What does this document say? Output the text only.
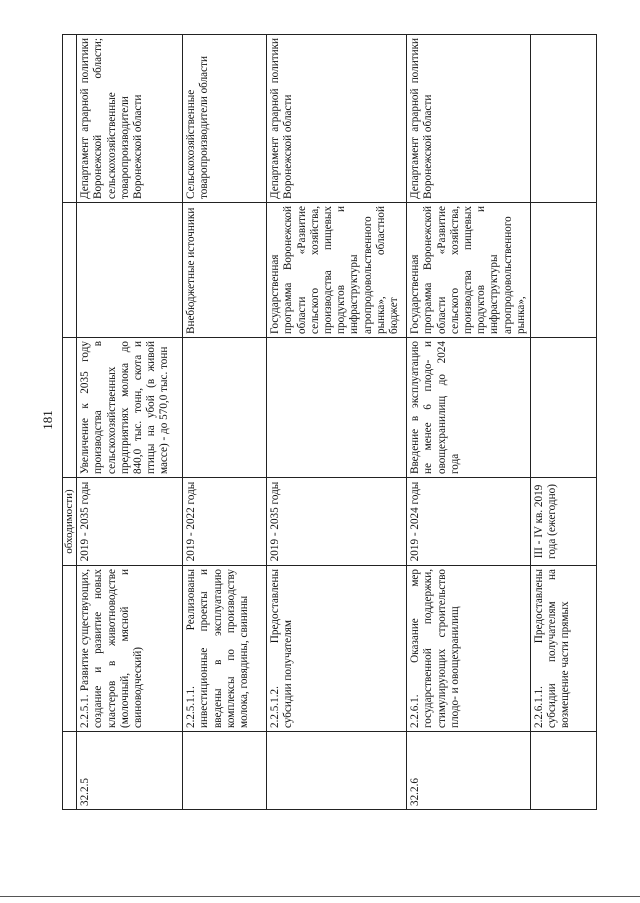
181
		обходимости)			
32.2.5	2.2.5.1. Развитие существующих, создание и развитие новых кластеров в животноводстве (молочный, мясной и свиноводческий)	2019 - 2035 годы	Увеличение к 2035 году производства в сельскохозяйственных предприятиях молока до 840,0 тыс. тонн, скота и птицы на убой (в живой массе) - до 570,0 тыс. тонн		Департамент аграрной политики Воронежской области; сельскохозяйственные товаропроизводители Воронежской области
	2.2.5.1.1. Реализованы инвестиционные проекты и введены в эксплуатацию комплексы по производству молока, говядины, свинины	2019 - 2022 годы		Внебюджетные источники	Сельскохозяйственные товаропроизводители области
	2.2.5.1.2. Предоставлены субсидии получателям	2019 - 2035 годы		Государственная программа Воронежской области «Развитие сельского хозяйства, производства пищевых продуктов и инфраструктуры агропродовольственного рынка», областной бюджет	Департамент аграрной политики Воронежской области
32.2.6	2.2.6.1. Оказание мер государственной поддержки, стимулирующих строительство плодо- и овощехранилищ	2019 - 2024 годы	Введение в эксплуатацию не менее 6 плодо- и овощехранилищ до 2024 года	Государственная программа Воронежской области «Развитие сельского хозяйства, производства пищевых продуктов и инфраструктуры агропродовольственного рынка»,	Департамент аграрной политики Воронежской области
	2.2.6.1.1. Предоставлены субсидии получателям на возмещение части прямых	III - IV кв. 2019 года (ежегодно)			
